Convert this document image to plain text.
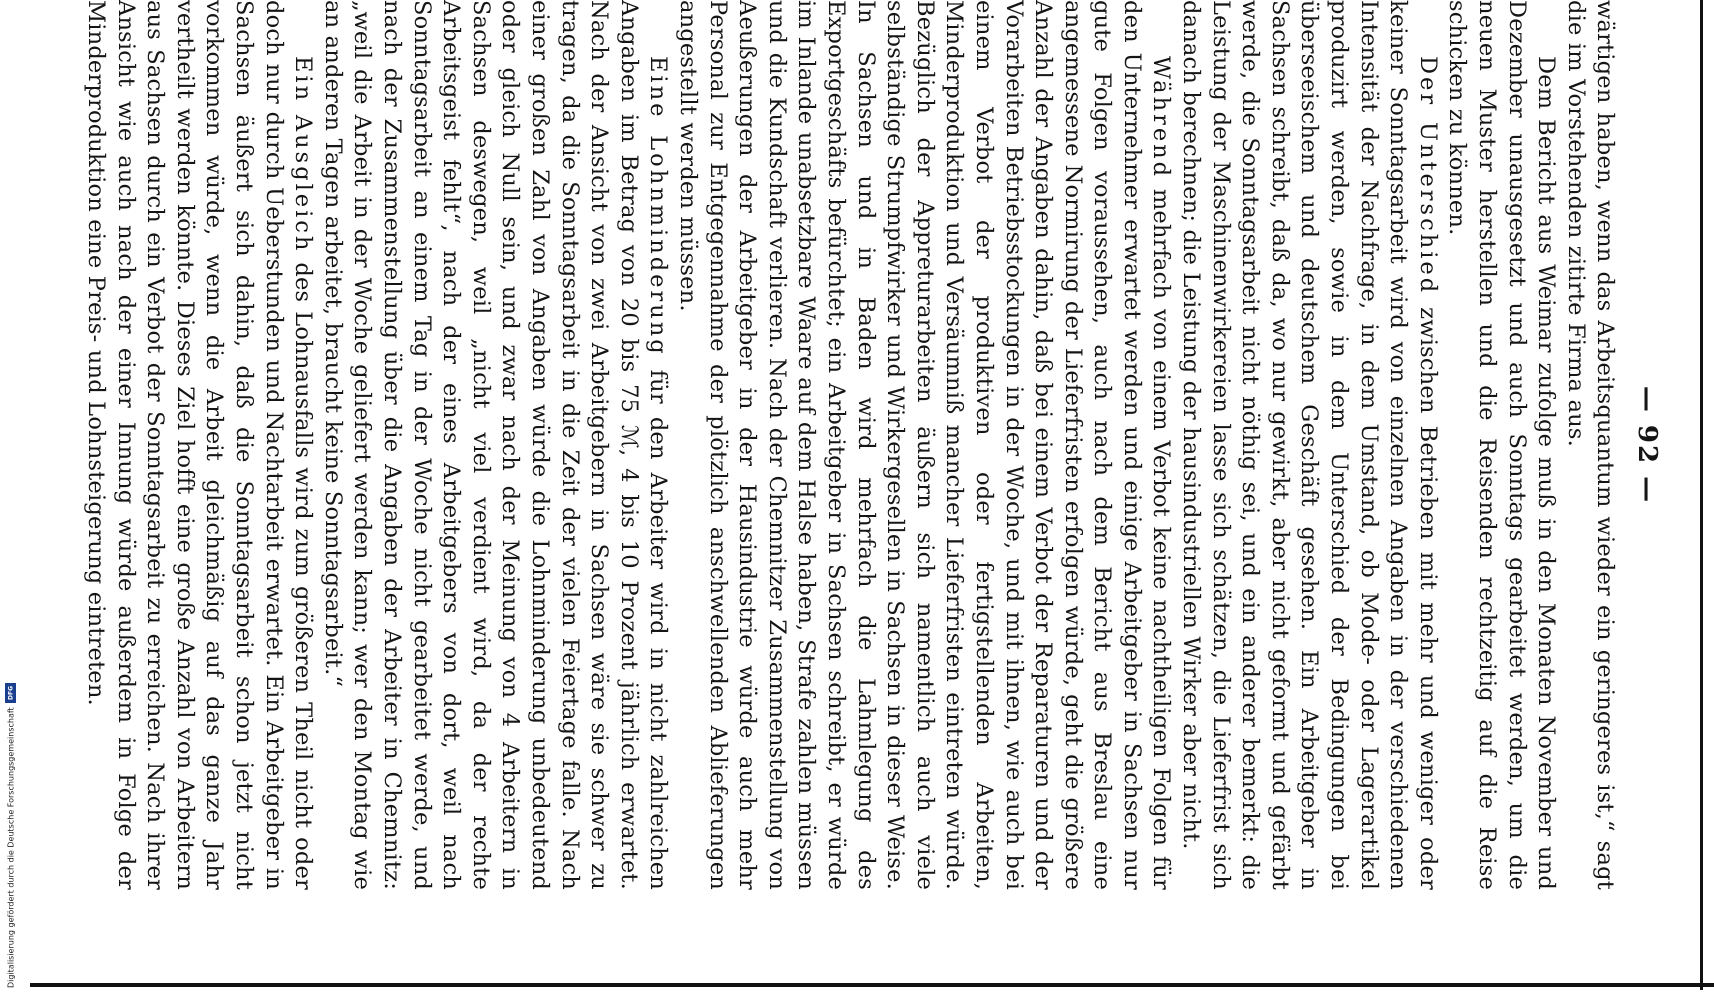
— 92 —

wärtigen haben, wenn das Arbeitsquantum wieder ein geringeres ist,“ sagt die im Vorstehenden zitirte Firma aus.

Dem Bericht aus Weimar zufolge muß in den Monaten November und Dezember unausgesetzt und auch Sonntags gearbeitet werden, um die neuen Muster herstellen und die Reisenden rechtzeitig auf die Reise schicken zu können.

Der Unterschied zwischen Betrieben mit mehr und weniger oder keiner Sonntagsarbeit wird von einzelnen Angaben in der verschiedenen Intensität der Nachfrage, in dem Umstand, ob Mode- oder Lagerartikel produzirt werden, sowie in dem Unterschied der Bedingungen bei überseeischem und deutschem Geschäft gesehen. Ein Arbeitgeber in Sachsen schreibt, daß da, wo nur gewirkt, aber nicht geformt und gefärbt werde, die Sonntagsarbeit nicht nöthig sei, und ein anderer bemerkt: die Leistung der Maschinenwirkereien lasse sich schätzen, die Lieferfrist sich danach berechnen; die Leistung der hausindustriellen Wirker aber nicht.

Während mehrfach von einem Verbot keine nachtheiligen Folgen für den Unternehmer erwartet werden und einige Arbeitgeber in Sachsen nur gute Folgen voraussehen, auch nach dem Bericht aus Breslau eine angemessene Normirung der Lieferfristen erfolgen würde, geht die größere Anzahl der Angaben dahin, daß bei einem Verbot der Reparaturen und der Vorarbeiten Betriebsstockungen in der Woche, und mit ihnen, wie auch bei einem Verbot der produktiven oder fertigstellenden Arbeiten, Minderproduktion und Versäumniß mancher Lieferfristen eintreten würde. Bezüglich der Appreturarbeiten äußern sich namentlich auch viele selbständige Strumpfwirker und Wirkergesellen in Sachsen in dieser Weise. In Sachsen und in Baden wird mehrfach die Lahmlegung des Exportgeschäfts befürchtet; ein Arbeitgeber in Sachsen schreibt, er würde im Inlande unabsetzbare Waare auf dem Halse haben, Strafe zahlen müssen und die Kundschaft verlieren. Nach der Chemnitzer Zusammenstellung von Aeußerungen der Arbeitgeber in der Hausindustrie würde auch mehr Personal zur Entgegennahme der plötzlich anschwellenden Ablieferungen angestellt werden müssen.

Eine Lohnminderung für den Arbeiter wird in nicht zahlreichen Angaben im Betrag von 20 bis 75 ℳ, 4 bis 10 Prozent jährlich erwartet. Nach der Ansicht von zwei Arbeitgebern in Sachsen wäre sie schwer zu tragen, da die Sonntagsarbeit in die Zeit der vielen Feiertage falle. Nach einer großen Zahl von Angaben würde die Lohnminderung unbedeutend oder gleich Null sein, und zwar nach der Meinung von 4 Arbeitern in Sachsen deswegen, weil „nicht viel verdient wird, da der rechte Arbeitsgeist fehlt“, nach der eines Arbeitgebers von dort, weil nach Sonntagsarbeit an einem Tag in der Woche nicht gearbeitet werde, und nach der Zusammenstellung über die Angaben der Arbeiter in Chemnitz: „weil die Arbeit in der Woche geliefert werden kann; wer den Montag wie an anderen Tagen arbeitet, braucht keine Sonntagsarbeit.“

Ein Ausgleich des Lohnausfalls wird zum größeren Theil nicht oder doch nur durch Ueberstunden und Nachtarbeit erwartet. Ein Arbeitgeber in Sachsen äußert sich dahin, daß die Sonntagsarbeit schon jetzt nicht vorkommen würde, wenn die Arbeit gleichmäßig auf das ganze Jahr vertheilt werden könnte. Dieses Ziel hofft eine große Anzahl von Arbeitern aus Sachsen durch ein Verbot der Sonntagsarbeit zu erreichen. Nach ihrer Ansicht wie auch nach der einer Innung würde außerdem in Folge der Minderproduktion eine Preis- und Lohnsteigerung eintreten.

Digitalisierung gefördert durch die Deutsche Forschungsgemeinschaft
DFG
